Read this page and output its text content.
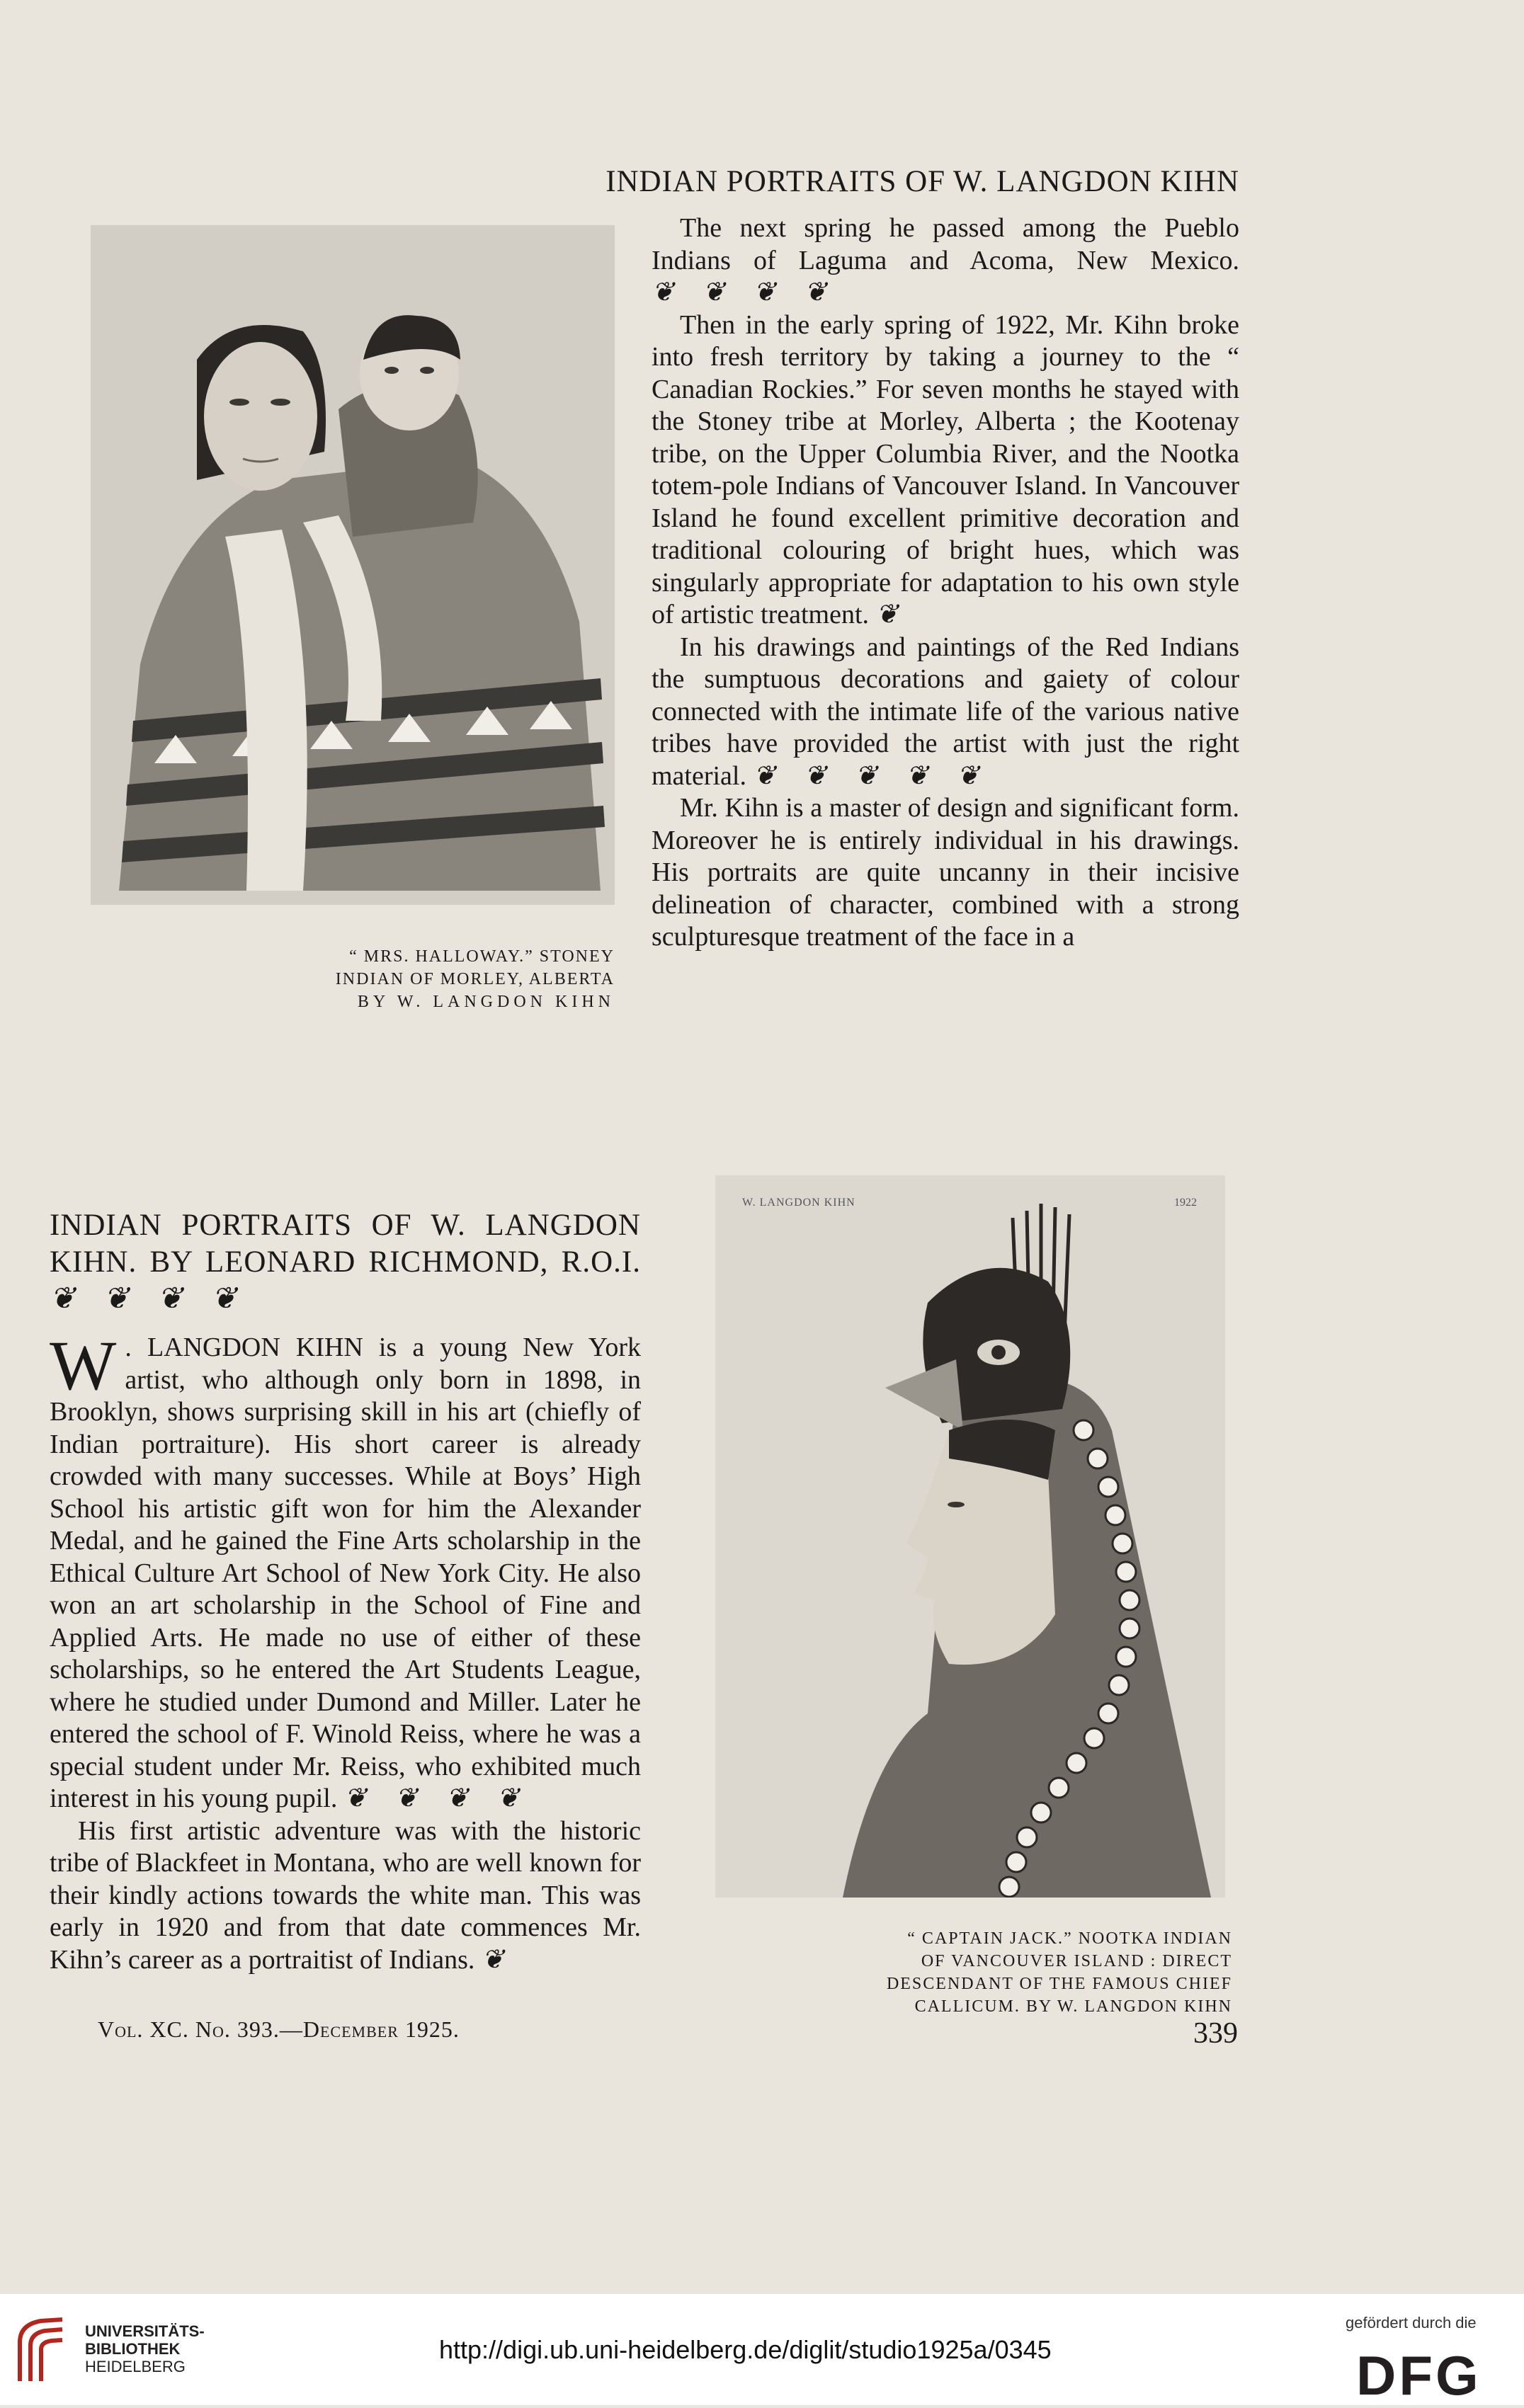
INDIAN PORTRAITS OF W. LANGDON KIHN
“ MRS. HALLOWAY.” STONEY
INDIAN OF MORLEY, ALBERTA
BY W. LANGDON KIHN

The next spring he passed among the Pueblo Indians of Laguma and Acoma, New Mexico. ❦❦❦❦

Then in the early spring of 1922, Mr. Kihn broke into fresh territory by taking a journey to the “ Canadian Rockies.” For seven months he stayed with the Stoney tribe at Morley, Alberta ; the Kootenay tribe, on the Upper Columbia River, and the Nootka totem-pole Indians of Vancouver Island. In Vancouver Island he found excellent primitive decoration and traditional colouring of bright hues, which was singularly appropriate for adaptation to his own style of artistic treatment. ❦

In his drawings and paintings of the Red Indians the sumptuous decorations and gaiety of colour connected with the intimate life of the various native tribes have provided the artist with just the right material. ❦❦❦❦❦

Mr. Kihn is a master of design and significant form. Moreover he is entirely individual in his drawings. His portraits are quite uncanny in their incisive delineation of character, combined with a strong sculpturesque treatment of the face in a

W. LANGDON KIHN	1922
“ CAPTAIN JACK.” NOOTKA INDIAN
OF VANCOUVER ISLAND : DIRECT
DESCENDANT OF THE FAMOUS CHIEF
CALLICUM. BY W. LANGDON KIHN
INDIAN PORTRAITS OF W. LANGDON KIHN. BY LEONARD RICHMOND, R.O.I. ❦❦❦❦

W . LANGDON KIHN is a young New York artist, who although only born in 1898, in Brooklyn, shows surprising skill in his art (chiefly of Indian portraiture). His short career is already crowded with many successes. While at Boys’ High School his artistic gift won for him the Alexander Medal, and he gained the Fine Arts scholarship in the Ethical Culture Art School of New York City. He also won an art scholarship in the School of Fine and Applied Arts. He made no use of either of these scholarships, so he entered the Art Students League, where he studied under Dumond and Miller. Later he entered the school of F. Winold Reiss, where he was a special student under Mr. Reiss, who exhibited much interest in his young pupil. ❦❦❦❦

His first artistic adventure was with the historic tribe of Blackfeet in Montana, who are well known for their kindly actions towards the white man. This was early in 1920 and from that date commences Mr. Kihn’s career as a portraitist of Indians. ❦

Vol. XC. No. 393.—December 1925.	339
UNIVERSITÄTS-
BIBLIOTHEK
HEIDELBERG
http://digi.ub.uni-heidelberg.de/diglit/studio1925a/0345
gefördert durch die
DFG
